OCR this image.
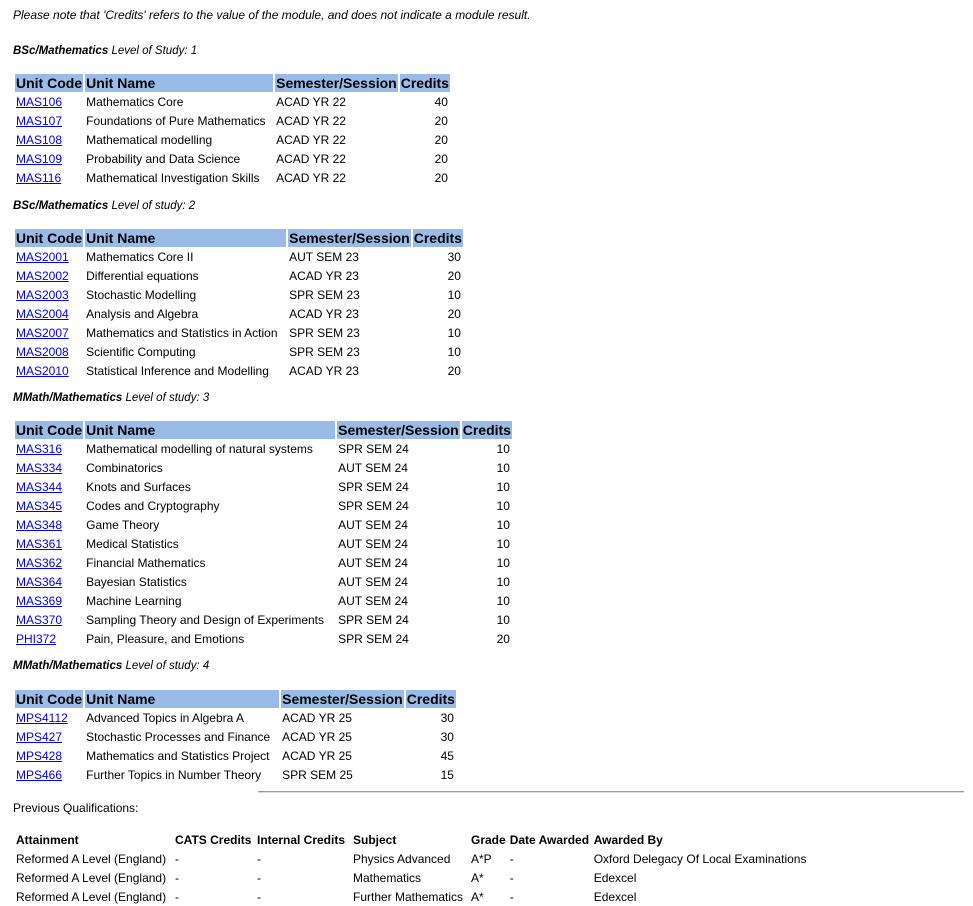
Please note that 'Credits' refers to the value of the module, and does not indicate a module result.
BSc/Mathematics Level of Study: 1
Unit Code	Unit Name	Semester/Session	Credits
MAS106	Mathematics Core	ACAD YR 22	40
MAS107	Foundations of Pure Mathematics	ACAD YR 22	20
MAS108	Mathematical modelling	ACAD YR 22	20
MAS109	Probability and Data Science	ACAD YR 22	20
MAS116	Mathematical Investigation Skills	ACAD YR 22	20
BSc/Mathematics Level of study: 2
Unit Code	Unit Name	Semester/Session	Credits
MAS2001	Mathematics Core II	AUT SEM 23	30
MAS2002	Differential equations	ACAD YR 23	20
MAS2003	Stochastic Modelling	SPR SEM 23	10
MAS2004	Analysis and Algebra	ACAD YR 23	20
MAS2007	Mathematics and Statistics in Action	SPR SEM 23	10
MAS2008	Scientific Computing	SPR SEM 23	10
MAS2010	Statistical Inference and Modelling	ACAD YR 23	20
MMath/Mathematics Level of study: 3
Unit Code	Unit Name	Semester/Session	Credits
MAS316	Mathematical modelling of natural systems	SPR SEM 24	10
MAS334	Combinatorics	AUT SEM 24	10
MAS344	Knots and Surfaces	SPR SEM 24	10
MAS345	Codes and Cryptography	SPR SEM 24	10
MAS348	Game Theory	AUT SEM 24	10
MAS361	Medical Statistics	AUT SEM 24	10
MAS362	Financial Mathematics	AUT SEM 24	10
MAS364	Bayesian Statistics	AUT SEM 24	10
MAS369	Machine Learning	AUT SEM 24	10
MAS370	Sampling Theory and Design of Experiments	SPR SEM 24	10
PHI372	Pain, Pleasure, and Emotions	SPR SEM 24	20
MMath/Mathematics Level of study: 4
Unit Code	Unit Name	Semester/Session	Credits
MPS4112	Advanced Topics in Algebra A	ACAD YR 25	30
MPS427	Stochastic Processes and Finance	ACAD YR 25	30
MPS428	Mathematics and Statistics Project	ACAD YR 25	45
MPS466	Further Topics in Number Theory	SPR SEM 25	15
Previous Qualifications:
Attainment	CATS Credits	Internal Credits	Subject	Grade	Date Awarded	Awarded By
Reformed A Level (England)	-	-	Physics Advanced	A*P	-	Oxford Delegacy Of Local Examinations
Reformed A Level (England)	-	-	Mathematics	A*	-	Edexcel
Reformed A Level (England)	-	-	Further Mathematics	A*	-	Edexcel
